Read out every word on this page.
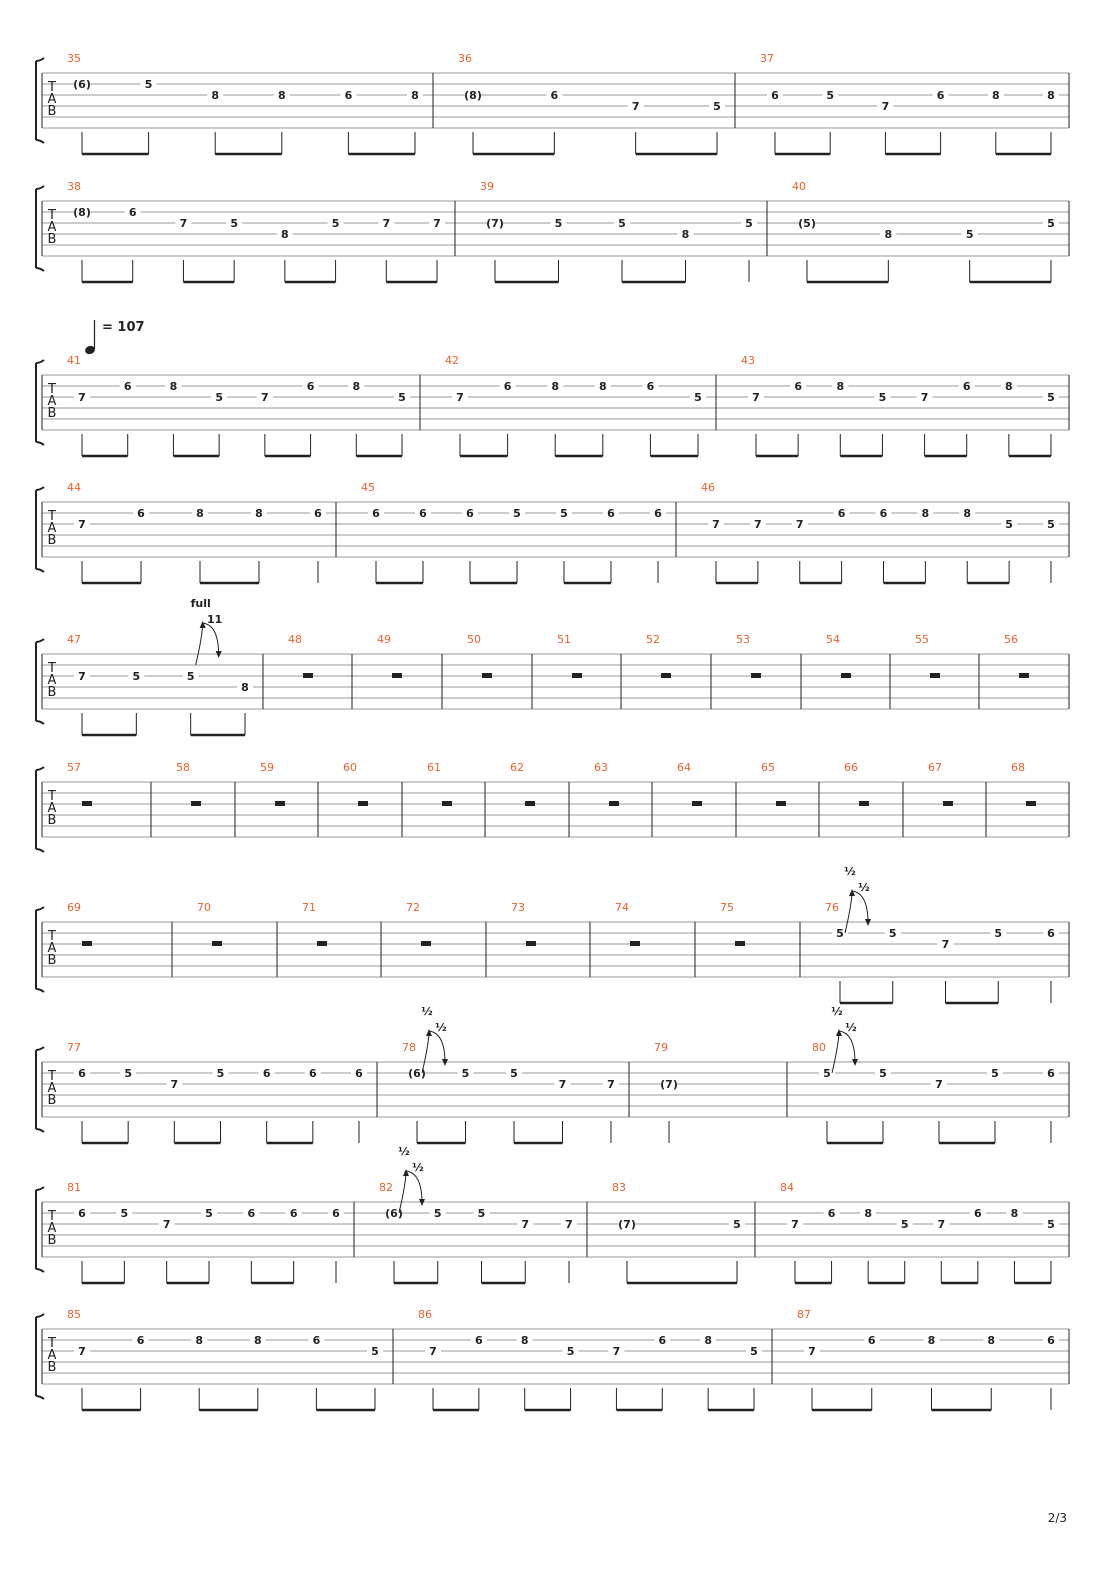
T
A
B
35
(6)	5
8	8	6	8
36
(8)	6
7	5
37
6	5
7
6	8	8
T
A
B
38
(8)	6
7	5
8
5	7	7
39
(7)	5	5
8
5
40
(5)
8	5
5
T
A
B
41
7
6	8
5	7
6	8
5
42
7
6	8	8	6
5
43
7
6	8
5	7
6	8
5
T
A
B
44
7
6	8	8	6
45
6	6	6	5	5	6	6
46
7	7	7
6	6	8	8
5	5
T
A
B
47
7	5	5
8
full
11
48	49	50	51	52	53	54	55	56
T
A
B
57	58	59	60	61	62	63	64	65	66	67	68
T
A
B
69	70	71	72	73	74	75	76
5	5
7
5	6
½
½
T
A
B
77
6	5
7
5	6	6	6
78
(6)	5	5
7	7
½
½
79
(7)
80
5	5
7
5	6
½
½
T
A
B
81
6	5
7
5	6	6	6
82
(6)	5	5
7	7
½
½
83
(7)	5
84
7
6	8
5	7
6	8
5
T
A
B
85
7
6	8	8	6
5
86
7
6	8
5	7
6	8
5
87
7
6	8	8	6
= 107
2/3
